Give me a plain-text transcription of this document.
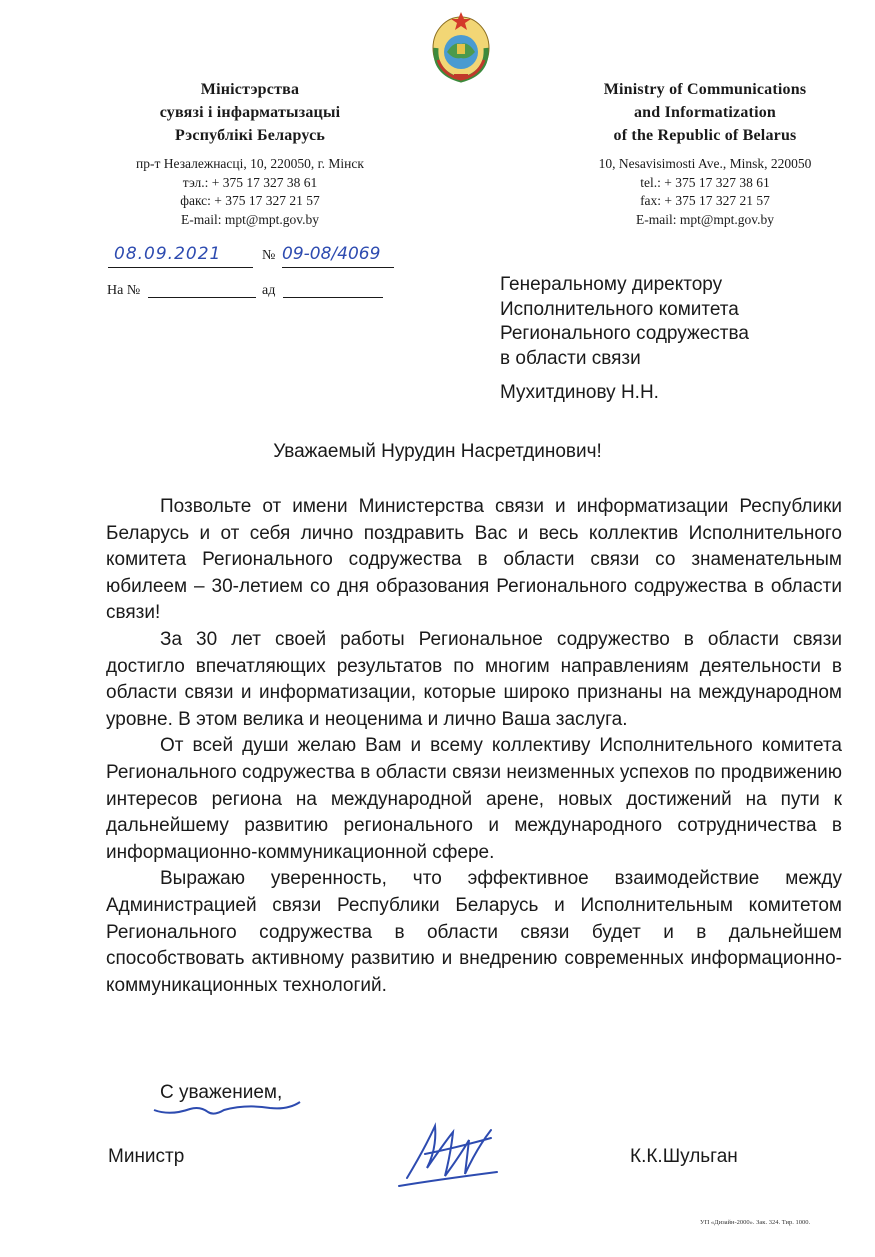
Міністэрства
сувязі і інфарматызацыі
Рэспублікі Беларусь
Ministry of Communications
and Informatization
of the Republic of Belarus
пр-т Незалежнасці, 10, 220050, г. Мінск
тэл.: + 375 17 327 38 61
факс: + 375 17 327 21 57
E-mail: mpt@mpt.gov.by
10, Nesavisimosti Ave., Minsk, 220050
tel.: + 375 17 327 38 61
fax: + 375 17 327 21 57
E-mail: mpt@mpt.gov.by
08.09.2021	№ 09-08/4069
На №	ад	Генеральному директору
Исполнительного комитета
Регионального содружества
в области связи
Мухитдинову Н.Н.
Уважаемый Нурудин Насретдинович!

Позвольте от имени Министерства связи и информатизации Республики Беларусь и от себя лично поздравить Вас и весь коллектив Исполнительного комитета Регионального содружества в области связи со знаменательным юбилеем – 30-летием со дня образования Регионального содружества в области связи!

За 30 лет своей работы Региональное содружество в области связи достигло впечатляющих результатов по многим направлениям деятельности в области связи и информатизации, которые широко признаны на международном уровне. В этом велика и неоценима и лично Ваша заслуга.

От всей души желаю Вам и всему коллективу Исполнительного комитета Регионального содружества в области связи неизменных успехов по продвижению интересов региона на международной арене, новых достижений на пути к дальнейшему развитию регионального и международного сотрудничества в информационно-коммуникационной сфере.

Выражаю уверенность, что эффективное взаимодействие между Администрацией связи Республики Беларусь и Исполнительным комитетом Регионального содружества в области связи будет и в дальнейшем способствовать активному развитию и внедрению современных информационно-коммуникационных технологий.

С уважением,
Министр	К.К.Шульган
УП «Дизайн-2000». Зак. 324. Тир. 1000.
